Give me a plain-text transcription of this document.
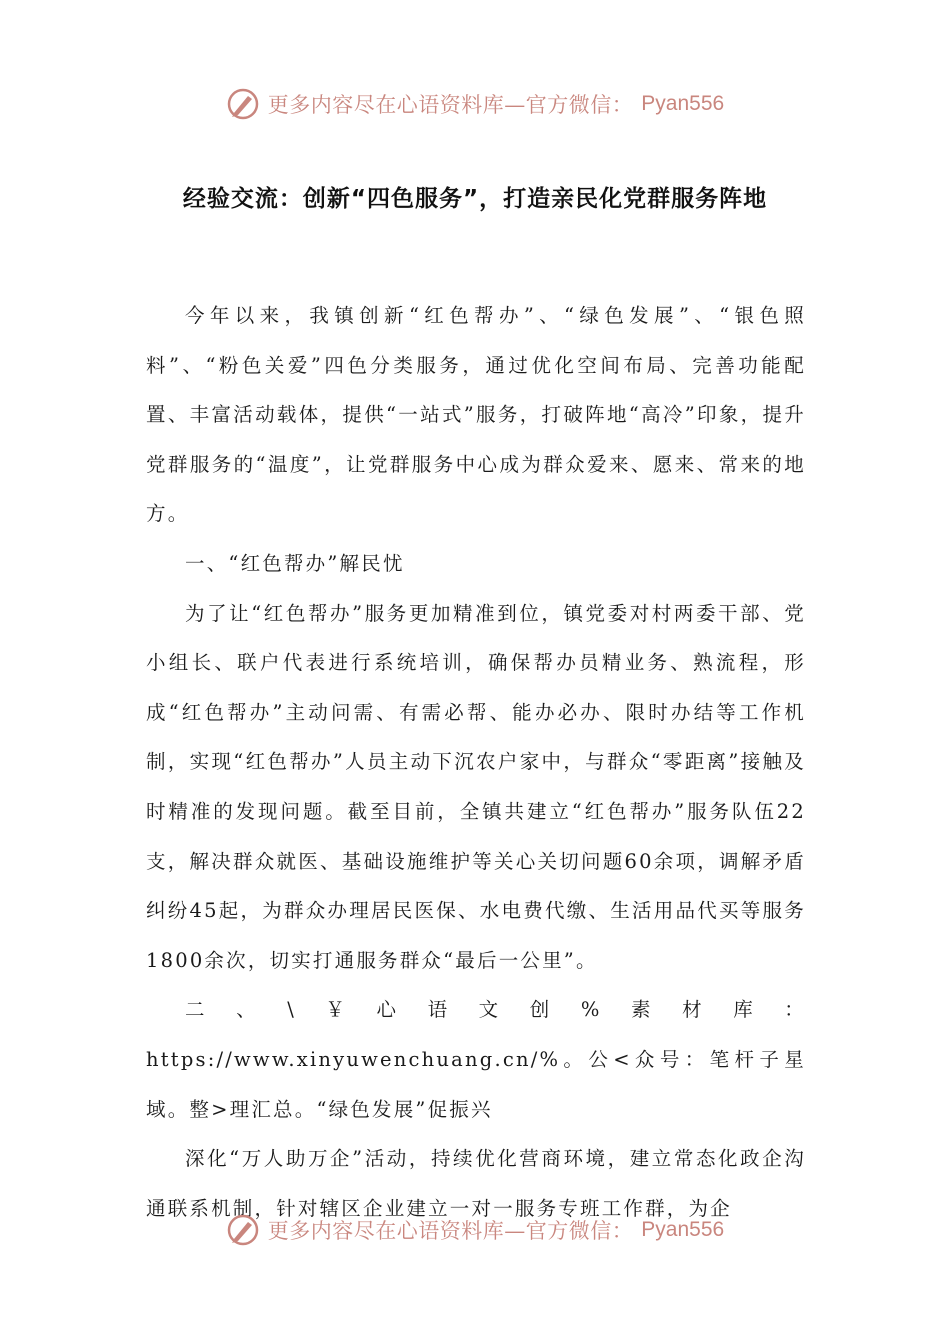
更多内容尽在心语资料库—官方微信： Pyan556
经验交流：创新“四色服务”，打造亲民化党群服务阵地

今年以来，我镇创新“红色帮办”、“绿色发展”、“银色照料”、“粉色关爱”四色分类服务，通过优化空间布局、完善功能配置、丰富活动载体，提供“一站式”服务，打破阵地“高冷”印象，提升党群服务的“温度”，让党群服务中心成为群众爱来、愿来、常来的地方。

一、“红色帮办”解民忧

为了让“红色帮办”服务更加精准到位，镇党委对村两委干部、党小组长、联户代表进行系统培训，确保帮办员精业务、熟流程，形成“红色帮办”主动问需、有需必帮、能办必办、限时办结等工作机制，实现“红色帮办”人员主动下沉农户家中，与群众“零距离”接触及时精准的发现问题。截至目前，全镇共建立“红色帮办”服务队伍22支，解决群众就医、基础设施维护等关心关切问题60余项，调解矛盾纠纷45起，为群众办理居民医保、水电费代缴、生活用品代买等服务1800余次，切实打通服务群众“最后一公里”。

二、\￥心语文创%素材库：https://www.xinyuwenchuang.cn/%。公<众号：笔杆子星域。整>理汇总。“绿色发展”促振兴

深化“万人助万企”活动，持续优化营商环境，建立常态化政企沟通联系机制，针对辖区企业建立一对一服务专班工作群，为企

更多内容尽在心语资料库—官方微信： Pyan556
